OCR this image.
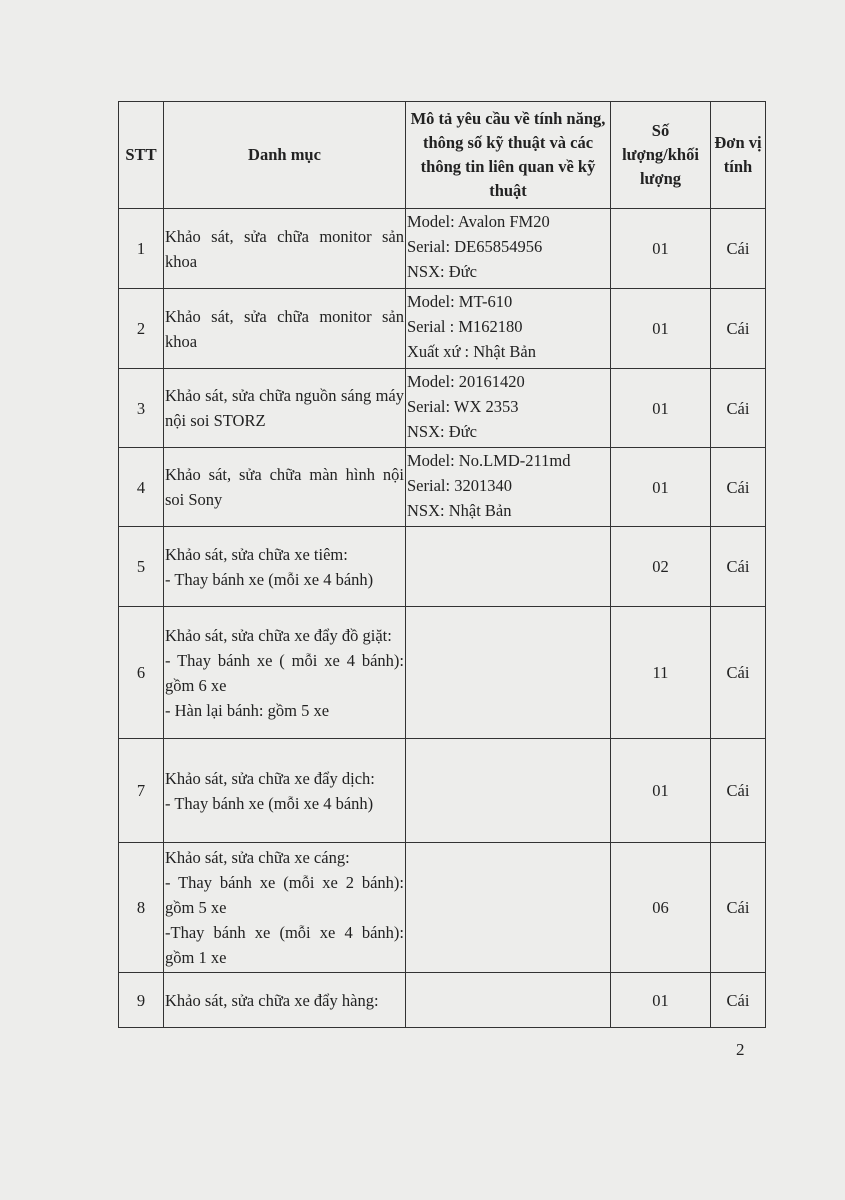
STT	Danh mục	Mô tả yêu cầu về tính năng, thông số kỹ thuật và các thông tin liên quan về kỹ thuật	Số lượng/khối lượng	Đơn vị tính
1	Khảo sát, sửa chữa monitor sản khoa	Model: Avalon FM20
Serial: DE65854956
NSX: Đức	01	Cái
2	Khảo sát, sửa chữa monitor sản khoa	Model: MT-610
Serial : M162180
Xuất xứ : Nhật Bản	01	Cái
3	Khảo sát, sửa chữa nguồn sáng máy nội soi STORZ	Model: 20161420
Serial: WX 2353
NSX: Đức	01	Cái
4	Khảo sát, sửa chữa màn hình nội soi Sony	Model: No.LMD-211md
Serial: 3201340
NSX: Nhật Bản	01	Cái
5	Khảo sát, sửa chữa xe tiêm:
- Thay bánh xe (mỗi xe 4 bánh)		02	Cái
6	Khảo sát, sửa chữa xe đẩy đồ giặt:
- Thay bánh xe ( mỗi xe 4 bánh): gồm 6 xe
- Hàn lại bánh: gồm 5 xe		11	Cái
7	Khảo sát, sửa chữa xe đẩy dịch:
- Thay bánh xe (mỗi xe 4 bánh)		01	Cái
8	Khảo sát, sửa chữa xe cáng:
- Thay bánh xe (mỗi xe 2 bánh): gồm 5 xe
-Thay bánh xe (mỗi xe 4 bánh): gồm 1 xe		06	Cái
9	Khảo sát, sửa chữa xe đẩy hàng:		01	Cái
2
